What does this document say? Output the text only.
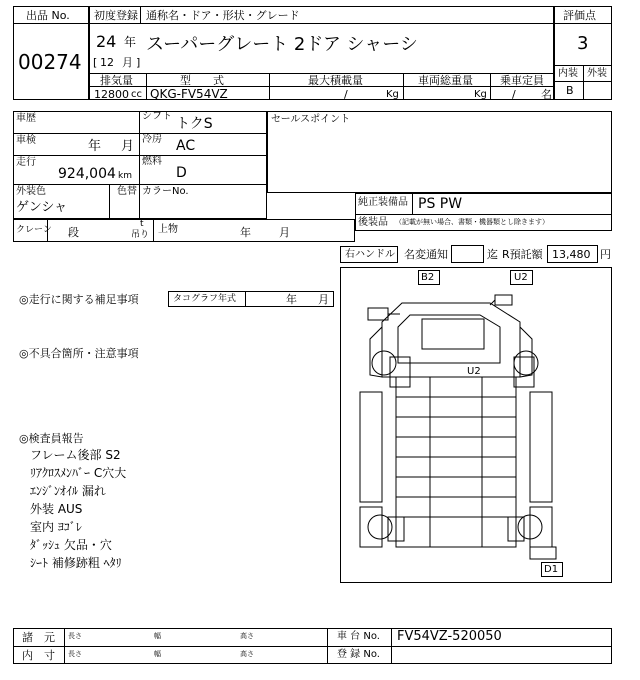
出品 No.
00274
初度登録 通称名・ドア・形状・グレード
24 年
[ 12 月 ]
スーパーグレート 2ドア シャーシ
排気量	型　　式	最大積載量	車両総重量 乗車定員
12800 cc QKG-FV54VZ	/	Kg	Kg / 名
評価点
3
内装 外装
B
車歴	シフト トクS
車検	年 月 冷房 AC
走行
924,004 km
燃料
D
外装色
ゲンシャ
色替 カラーNo.
セールスポイント
純正装備品 PS PW
後装品 （記載が無い場合、書類・機器類とし除きます）
クレーン 段
t
吊り 上物	年	月
右ハンドル 名変通知	迄 R預託額 13,480 円
◎走行に関する補足事項	タコグラフ年式	年 月
◎不具合箇所・注意事項
◎検査員報告
フレーム後部 S2
ﾘｱｸﾛｽﾒﾝﾊﾞｰ C穴大
ｴﾝｼﾞﾝｵｲﾙ 漏れ
外装 AUS
室内 ﾖｺﾞﾚ
ﾀﾞｯｼｭ 欠品・穴
ｼｰﾄ 補修跡粗 ﾍﾀﾘ
B2	U2
U2
D1
諸　元
内　寸
長さ	幅	高さ
長さ	幅	高さ
車 台 No. FV54VZ-520050
登 録 No.
